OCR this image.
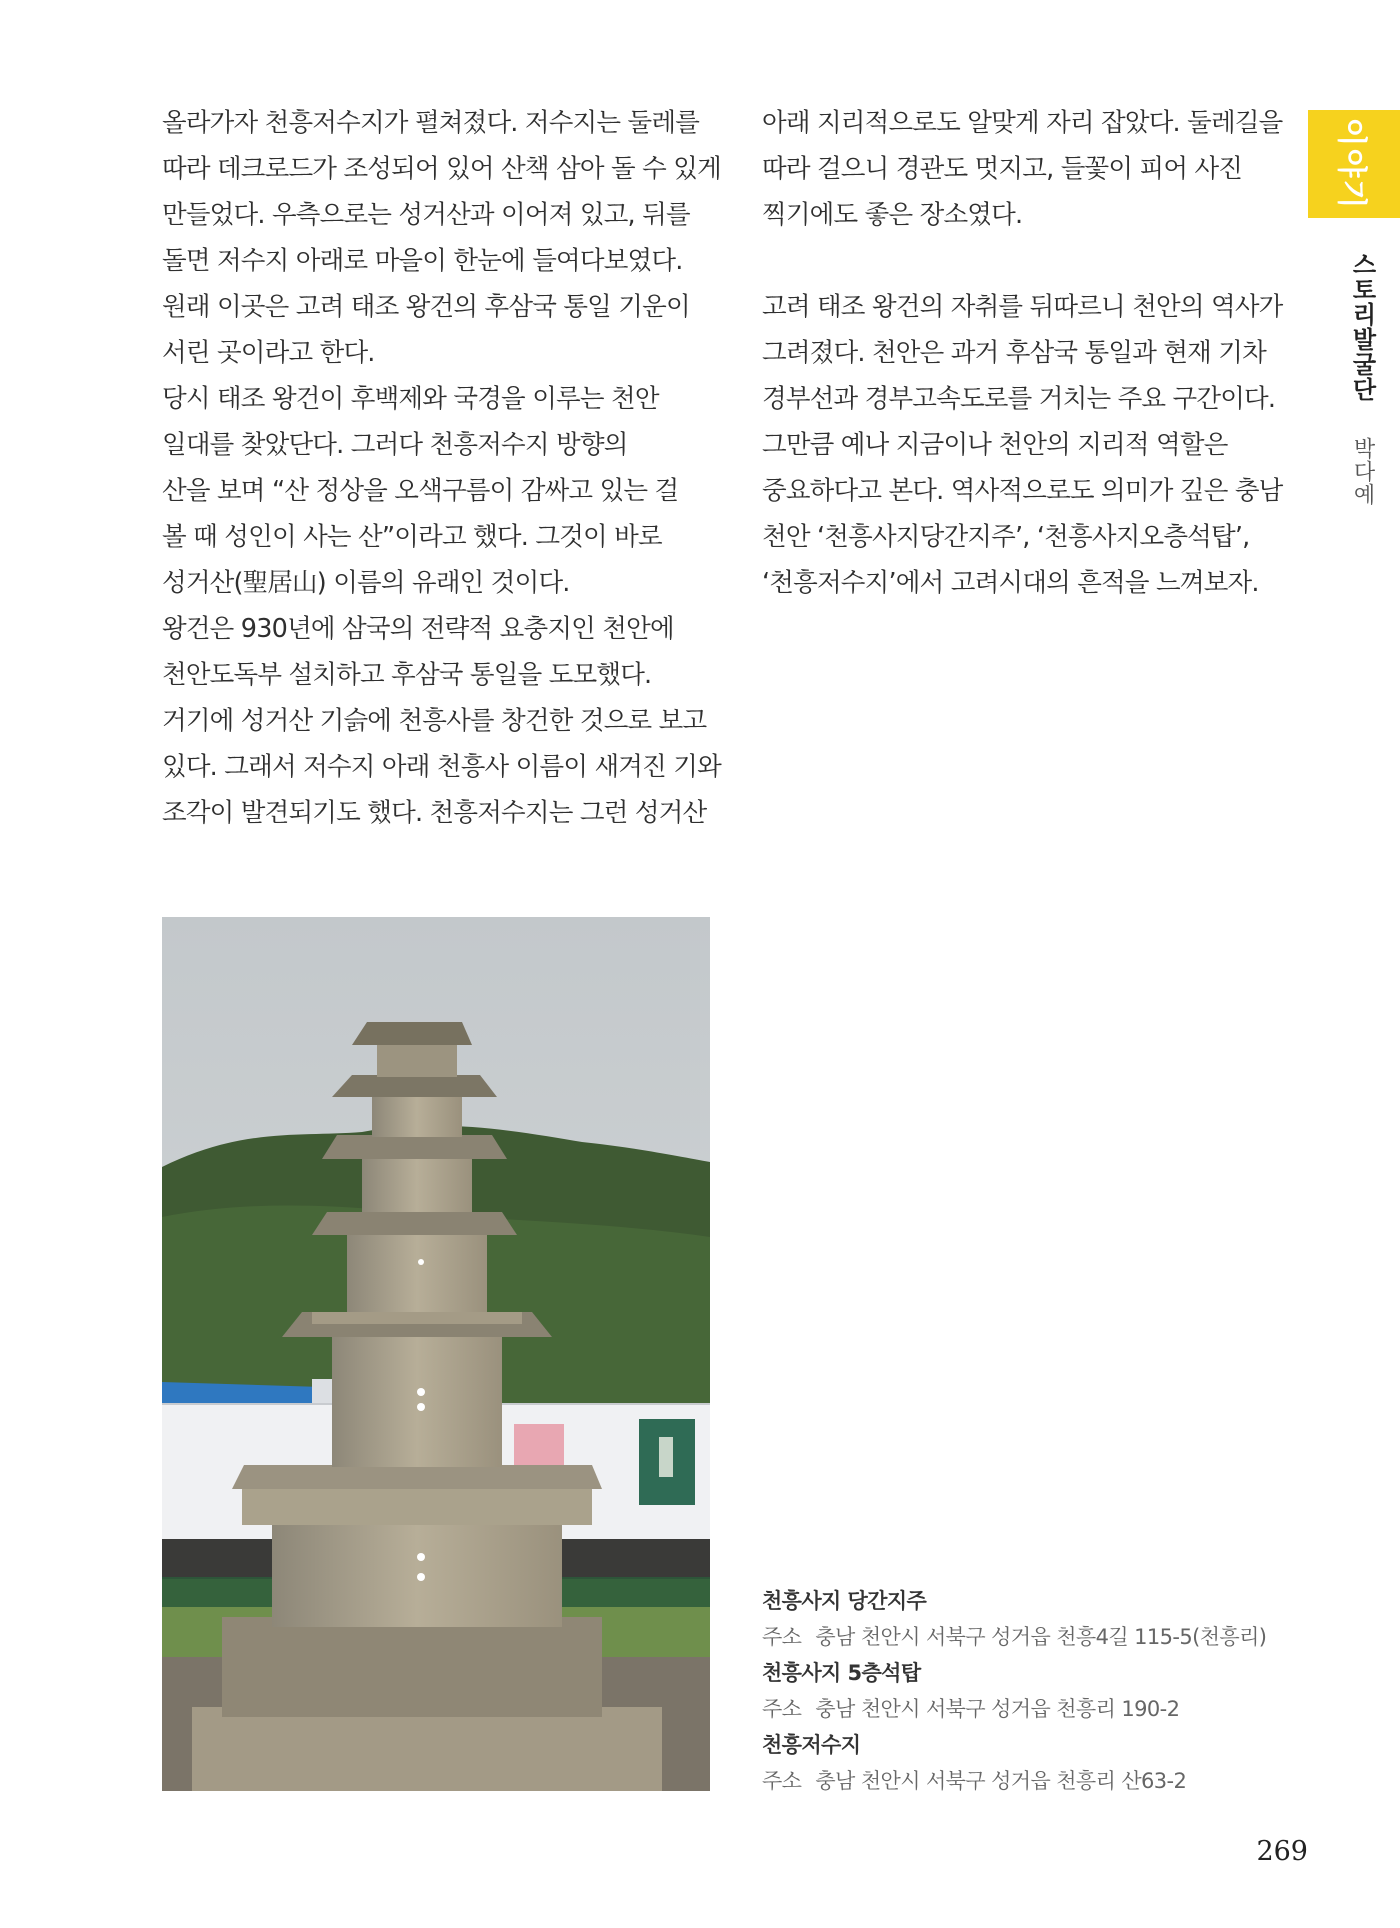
올라가자 천흥저수지가 펼쳐졌다. 저수지는 둘레를

따라 데크로드가 조성되어 있어 산책 삼아 돌 수 있게

만들었다. 우측으로는 성거산과 이어져 있고, 뒤를

돌면 저수지 아래로 마을이 한눈에 들여다보였다.

원래 이곳은 고려 태조 왕건의 후삼국 통일 기운이

서린 곳이라고 한다.

당시 태조 왕건이 후백제와 국경을 이루는 천안

일대를 찾았단다. 그러다 천흥저수지 방향의

산을 보며 “산 정상을 오색구름이 감싸고 있는 걸

볼 때 성인이 사는 산”이라고 했다. 그것이 바로

성거산(聖居山) 이름의 유래인 것이다.

왕건은 930년에 삼국의 전략적 요충지인 천안에

천안도독부 설치하고 후삼국 통일을 도모했다.

거기에 성거산 기슭에 천흥사를 창건한 것으로 보고

있다. 그래서 저수지 아래 천흥사 이름이 새겨진 기와

조각이 발견되기도 했다. 천흥저수지는 그런 성거산

아래 지리적으로도 알맞게 자리 잡았다. 둘레길을

따라 걸으니 경관도 멋지고, 들꽃이 피어 사진

찍기에도 좋은 장소였다.

고려 태조 왕건의 자취를 뒤따르니 천안의 역사가

그려졌다. 천안은 과거 후삼국 통일과 현재 기차

경부선과 경부고속도로를 거치는 주요 구간이다.

그만큼 예나 지금이나 천안의 지리적 역할은

중요하다고 본다. 역사적으로도 의미가 깊은 충남

천안 ‘천흥사지당간지주’, ‘천흥사지오층석탑’,

‘천흥저수지’에서 고려시대의 흔적을 느껴보자.

이야기
스토리발굴단 박다예
천흥사지 당간지주
주소 충남 천안시 서북구 성거읍 천흥4길 115-5(천흥리)
천흥사지 5층석탑
주소 충남 천안시 서북구 성거읍 천흥리 190-2
천흥저수지
주소 충남 천안시 서북구 성거읍 천흥리 산63-2
269
